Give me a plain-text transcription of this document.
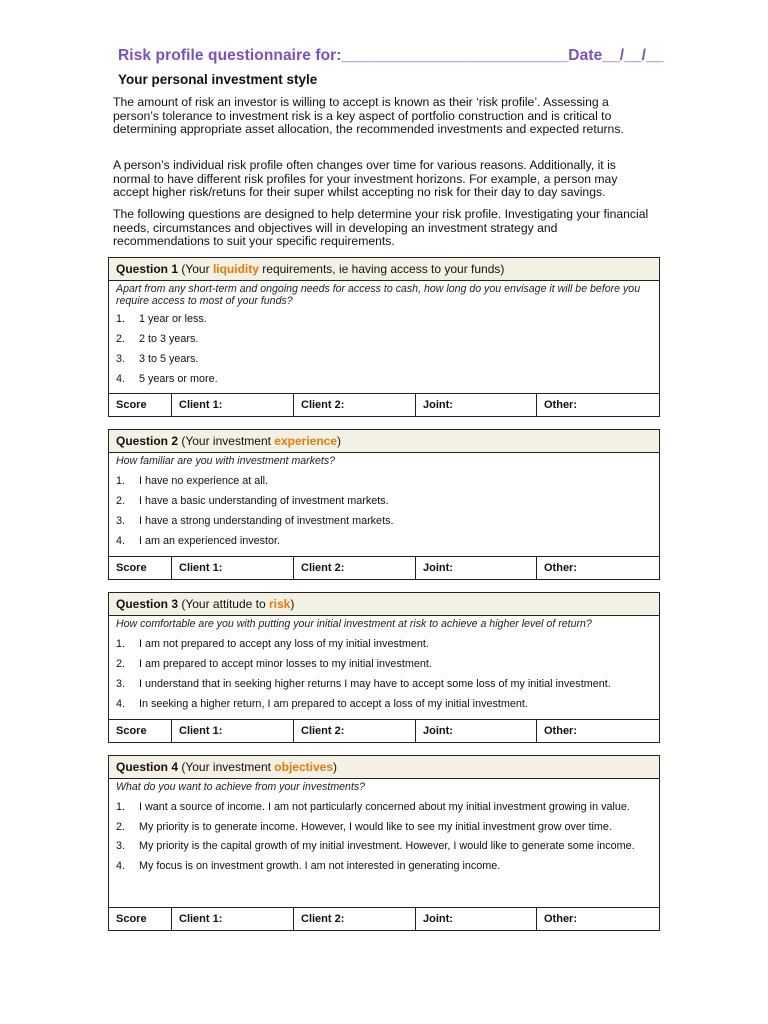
Risk profile questionnaire for:__________________________Date__/__/__
Your personal investment style

The amount of risk an investor is willing to accept is known as their ‘risk profile’. Assessing a person’s tolerance to investment risk is a key aspect of portfolio construction and is critical to determining appropriate asset allocation, the recommended investments and expected returns.

A person’s individual risk profile often changes over time for various reasons. Additionally, it is normal to have different risk profiles for your investment horizons. For example, a person may accept higher risk/retuns for their super whilst accepting no risk for their day to day savings.

The following questions are designed to help determine your risk profile. Investigating your financial needs, circumstances and objectives will in developing an investment strategy and recommendations to suit your specific requirements.

Question 1 (Your liquidity requirements, ie having access to your funds)
Apart from any short-term and ongoing needs for access to cash, how long do you envisage it will be before you require access to most of your funds?
1. 1 year or less.
2. 2 to 3 years.
3. 3 to 5 years.
4. 5 years or more.
Score	Client 1:	Client 2:	Joint:	Other:
Question 2 (Your investment experience)
How familiar are you with investment markets?
1. I have no experience at all.
2. I have a basic understanding of investment markets.
3. I have a strong understanding of investment markets.
4. I am an experienced investor.
Score	Client 1:	Client 2:	Joint:	Other:
Question 3 (Your attitude to risk)
How comfortable are you with putting your initial investment at risk to achieve a higher level of return?
1. I am not prepared to accept any loss of my initial investment.
2. I am prepared to accept minor losses to my initial investment.
3. I understand that in seeking higher returns I may have to accept some loss of my initial investment.
4. In seeking a higher return, I am prepared to accept a loss of my initial investment.
Score	Client 1:	Client 2:	Joint:	Other:
Question 4 (Your investment objectives)
What do you want to achieve from your investments?
1. I want a source of income. I am not particularly concerned about my initial investment growing in value.
2. My priority is to generate income. However, I would like to see my initial investment grow over time.
3. My priority is the capital growth of my initial investment. However, I would like to generate some income.
4. My focus is on investment growth. I am not interested in generating income.
Score	Client 1:	Client 2:	Joint:	Other:
